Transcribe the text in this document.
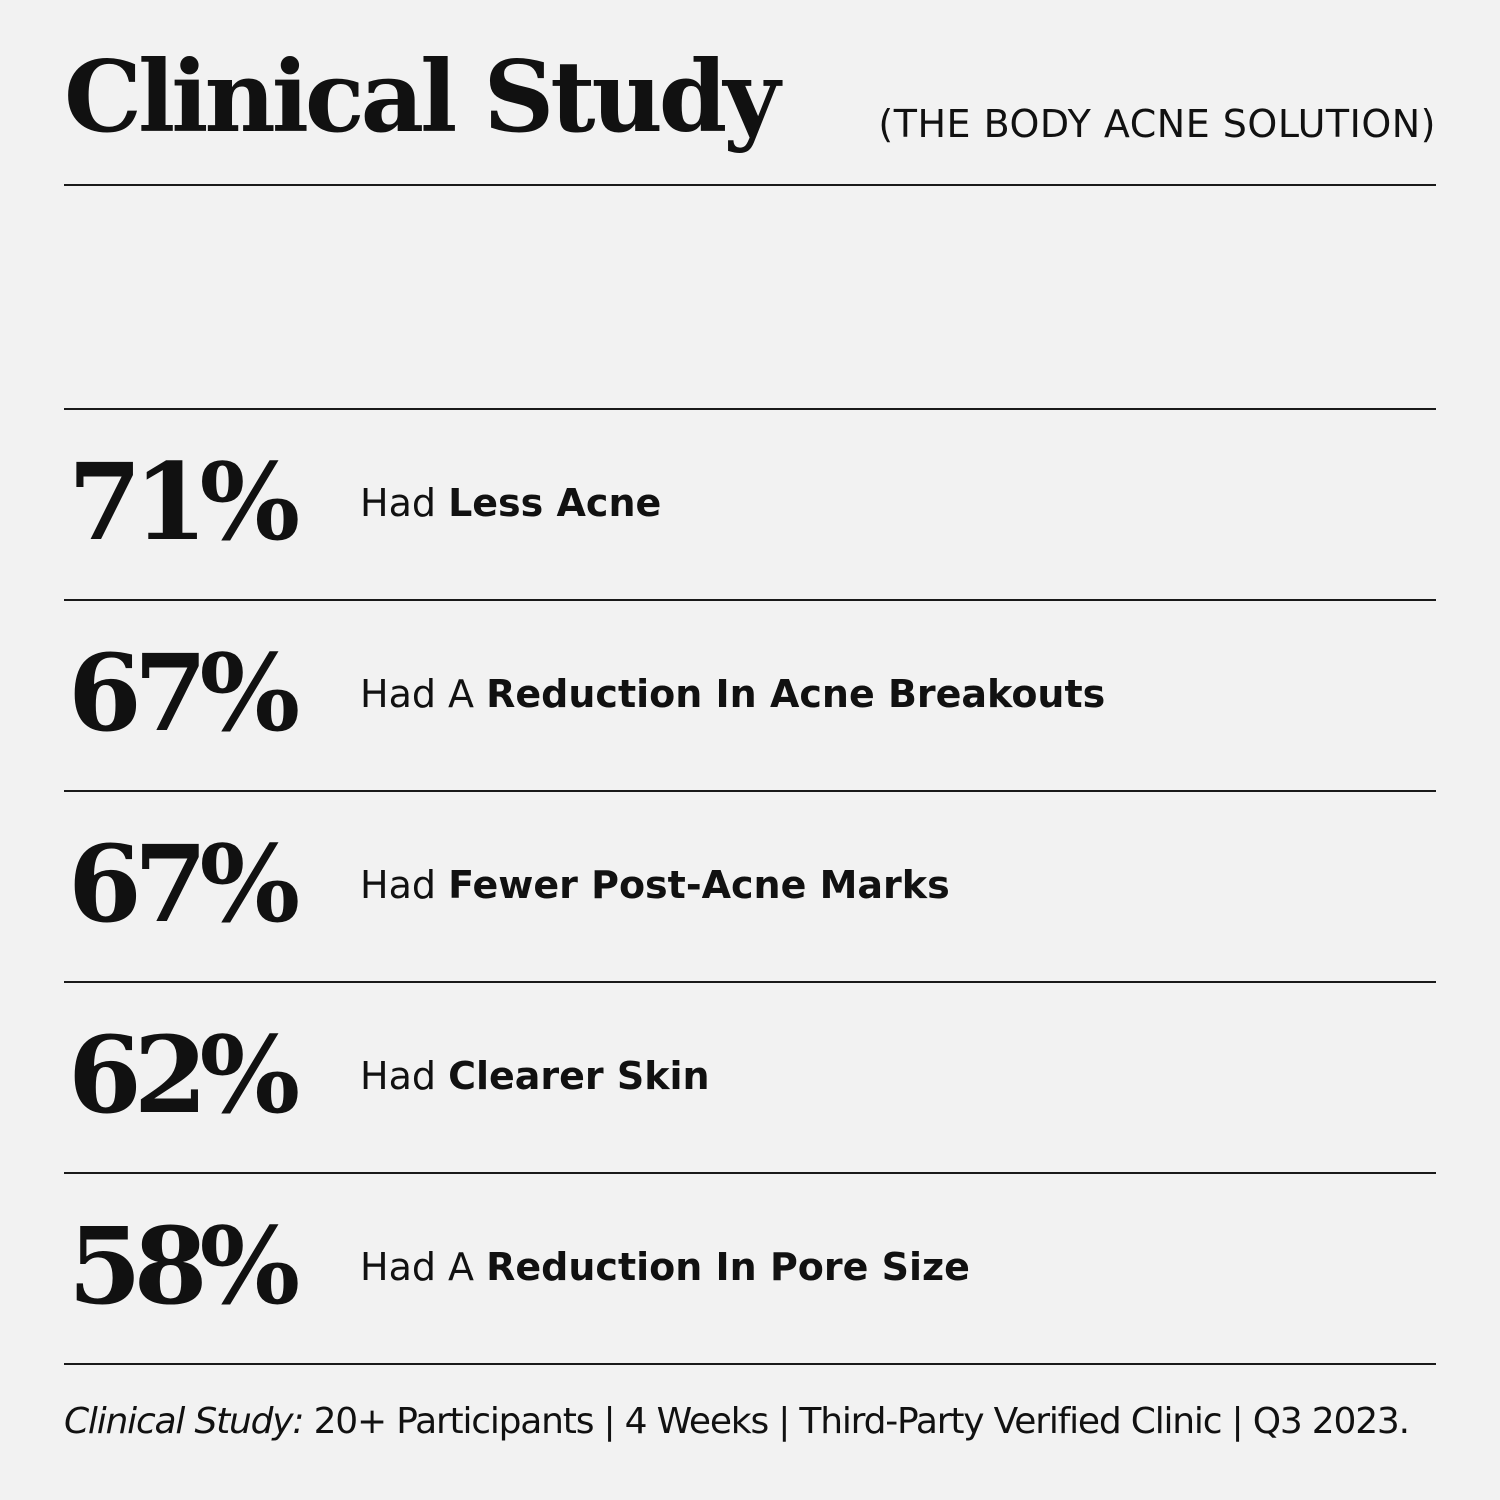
Clinical Study	(THE BODY ACNE SOLUTION)
71% Had Less Acne
67% Had A Reduction In Acne Breakouts
67% Had Fewer Post-Acne Marks
62% Had Clearer Skin
58% Had A Reduction In Pore Size
Clinical Study: 20+ Participants | 4 Weeks | Third-Party Verified Clinic | Q3 2023.
